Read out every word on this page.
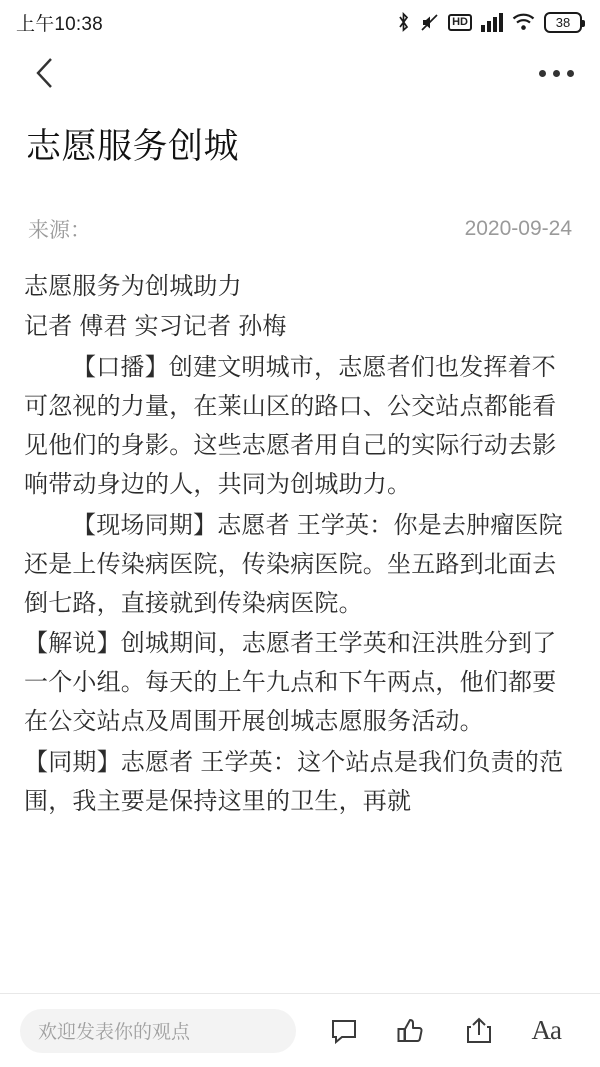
上午10:38	HD	38
志愿服务创城
来源：	2020-09-24

志愿服务为创城助力

记者 傅君 实习记者 孙梅

【口播】创建文明城市，志愿者们也发挥着不可忽视的力量，在莱山区的路口、公交站点都能看见他们的身影。这些志愿者用自己的实际行动去影响带动身边的人，共同为创城助力。

【现场同期】志愿者 王学英：你是去肿瘤医院还是上传染病医院，传染病医院。坐五路到北面去倒七路，直接就到传染病医院。

【解说】创城期间，志愿者王学英和汪洪胜分到了一个小组。每天的上午九点和下午两点，他们都要在公交站点及周围开展创城志愿服务活动。

【同期】志愿者 王学英：这个站点是我们负责的范围，我主要是保持这里的卫生，再就

欢迎发表你的观点	Aa
